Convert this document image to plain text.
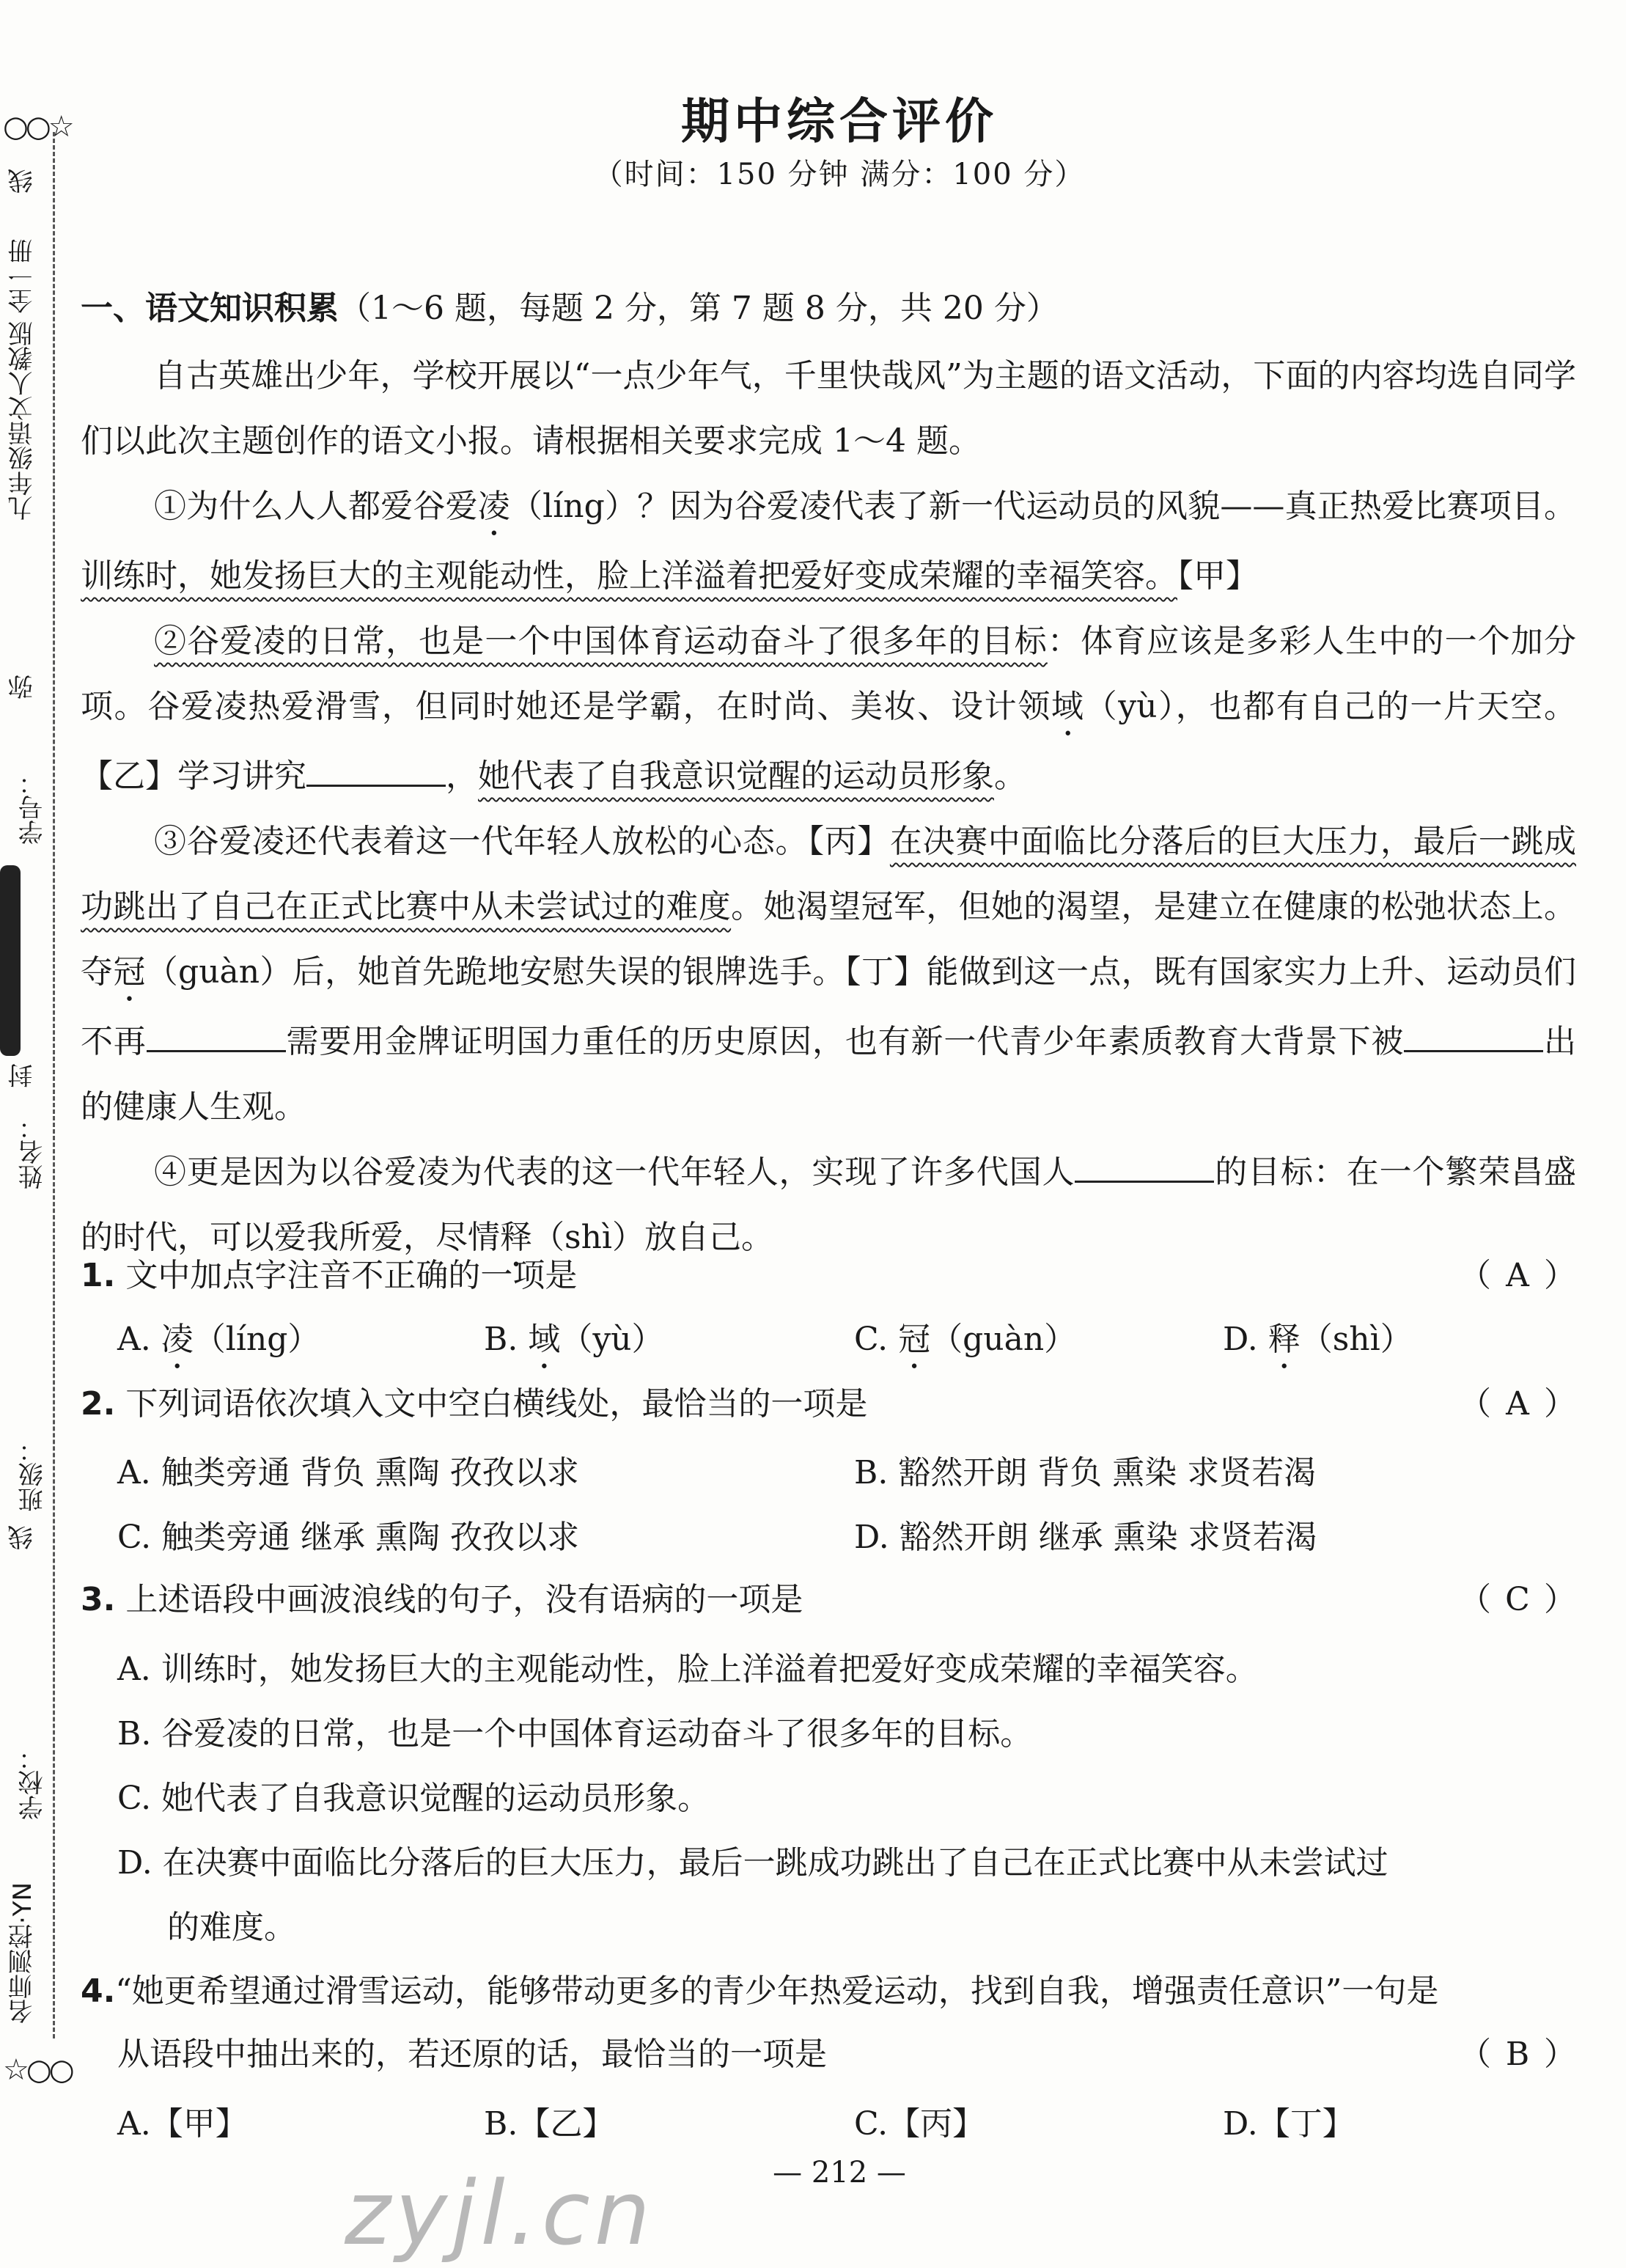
○○☆
线
九年级语文人教版 全一册
弥
学号：
封
姓名：
班级：
线
学校：
名师测控·YN
☆○○
期中综合评价
（时间：150 分钟 满分：100 分）
一、语文知识积累（1～6 题，每题 2 分，第 7 题 8 分，共 20 分）

自古英雄出少年，学校开展以“一点少年气，千里快哉风”为主题的语文活动，下面的内容均选自同学们以此次主题创作的语文小报。请根据相关要求完成 1～4 题。

①为什么人人都爱谷爱凌（líng）？因为谷爱凌代表了新一代运动员的风貌——真正热爱比赛项目。训练时，她发扬巨大的主观能动性，脸上洋溢着把爱好变成荣耀的幸福笑容。【甲】

②谷爱凌的日常，也是一个中国体育运动奋斗了很多年的目标：体育应该是多彩人生中的一个加分项。谷爱凌热爱滑雪，但同时她还是学霸，在时尚、美妆、设计领域（yù），也都有自己的一片天空。【乙】学习讲究	，她代表了自我意识觉醒的运动员形象。

③谷爱凌还代表着这一代年轻人放松的心态。【丙】在决赛中面临比分落后的巨大压力，最后一跳成功跳出了自己在正式比赛中从未尝试过的难度。她渴望冠军，但她的渴望，是建立在健康的松弛状态上。夺冠（guàn）后，她首先跪地安慰失误的银牌选手。【丁】能做到这一点，既有国家实力上升、运动员们不再	需要用金牌证明国力重任的历史原因，也有新一代青少年素质教育大背景下被	出的健康人生观。

④更是因为以谷爱凌为代表的这一代年轻人，实现了许多代国人	的目标：在一个繁荣昌盛的时代，可以爱我所爱，尽情释（shì）放自己。

1. 文中加点字注音不正确的一项是	（ A ）
A. 凌（líng）	B. 域（yù）	C. 冠（guàn）	D. 释（shì）
2. 下列词语依次填入文中空白横线处，最恰当的一项是	（ A ）
A. 触类旁通 背负 熏陶 孜孜以求	B. 豁然开朗 背负 熏染 求贤若渴
C. 触类旁通 继承 熏陶 孜孜以求	D. 豁然开朗 继承 熏染 求贤若渴
3. 上述语段中画波浪线的句子，没有语病的一项是	（ C ）
A. 训练时，她发扬巨大的主观能动性，脸上洋溢着把爱好变成荣耀的幸福笑容。
B. 谷爱凌的日常，也是一个中国体育运动奋斗了很多年的目标。
C. 她代表了自我意识觉醒的运动员形象。
D. 在决赛中面临比分落后的巨大压力，最后一跳成功跳出了自己在正式比赛中从未尝试过
的难度。
4.“她更希望通过滑雪运动，能够带动更多的青少年热爱运动，找到自我，增强责任意识”一句是
从语段中抽出来的，若还原的话，最恰当的一项是	（ B ）
A.【甲】	B.【乙】	C.【丙】	D.【丁】
— 212 —
zyjl.cn
